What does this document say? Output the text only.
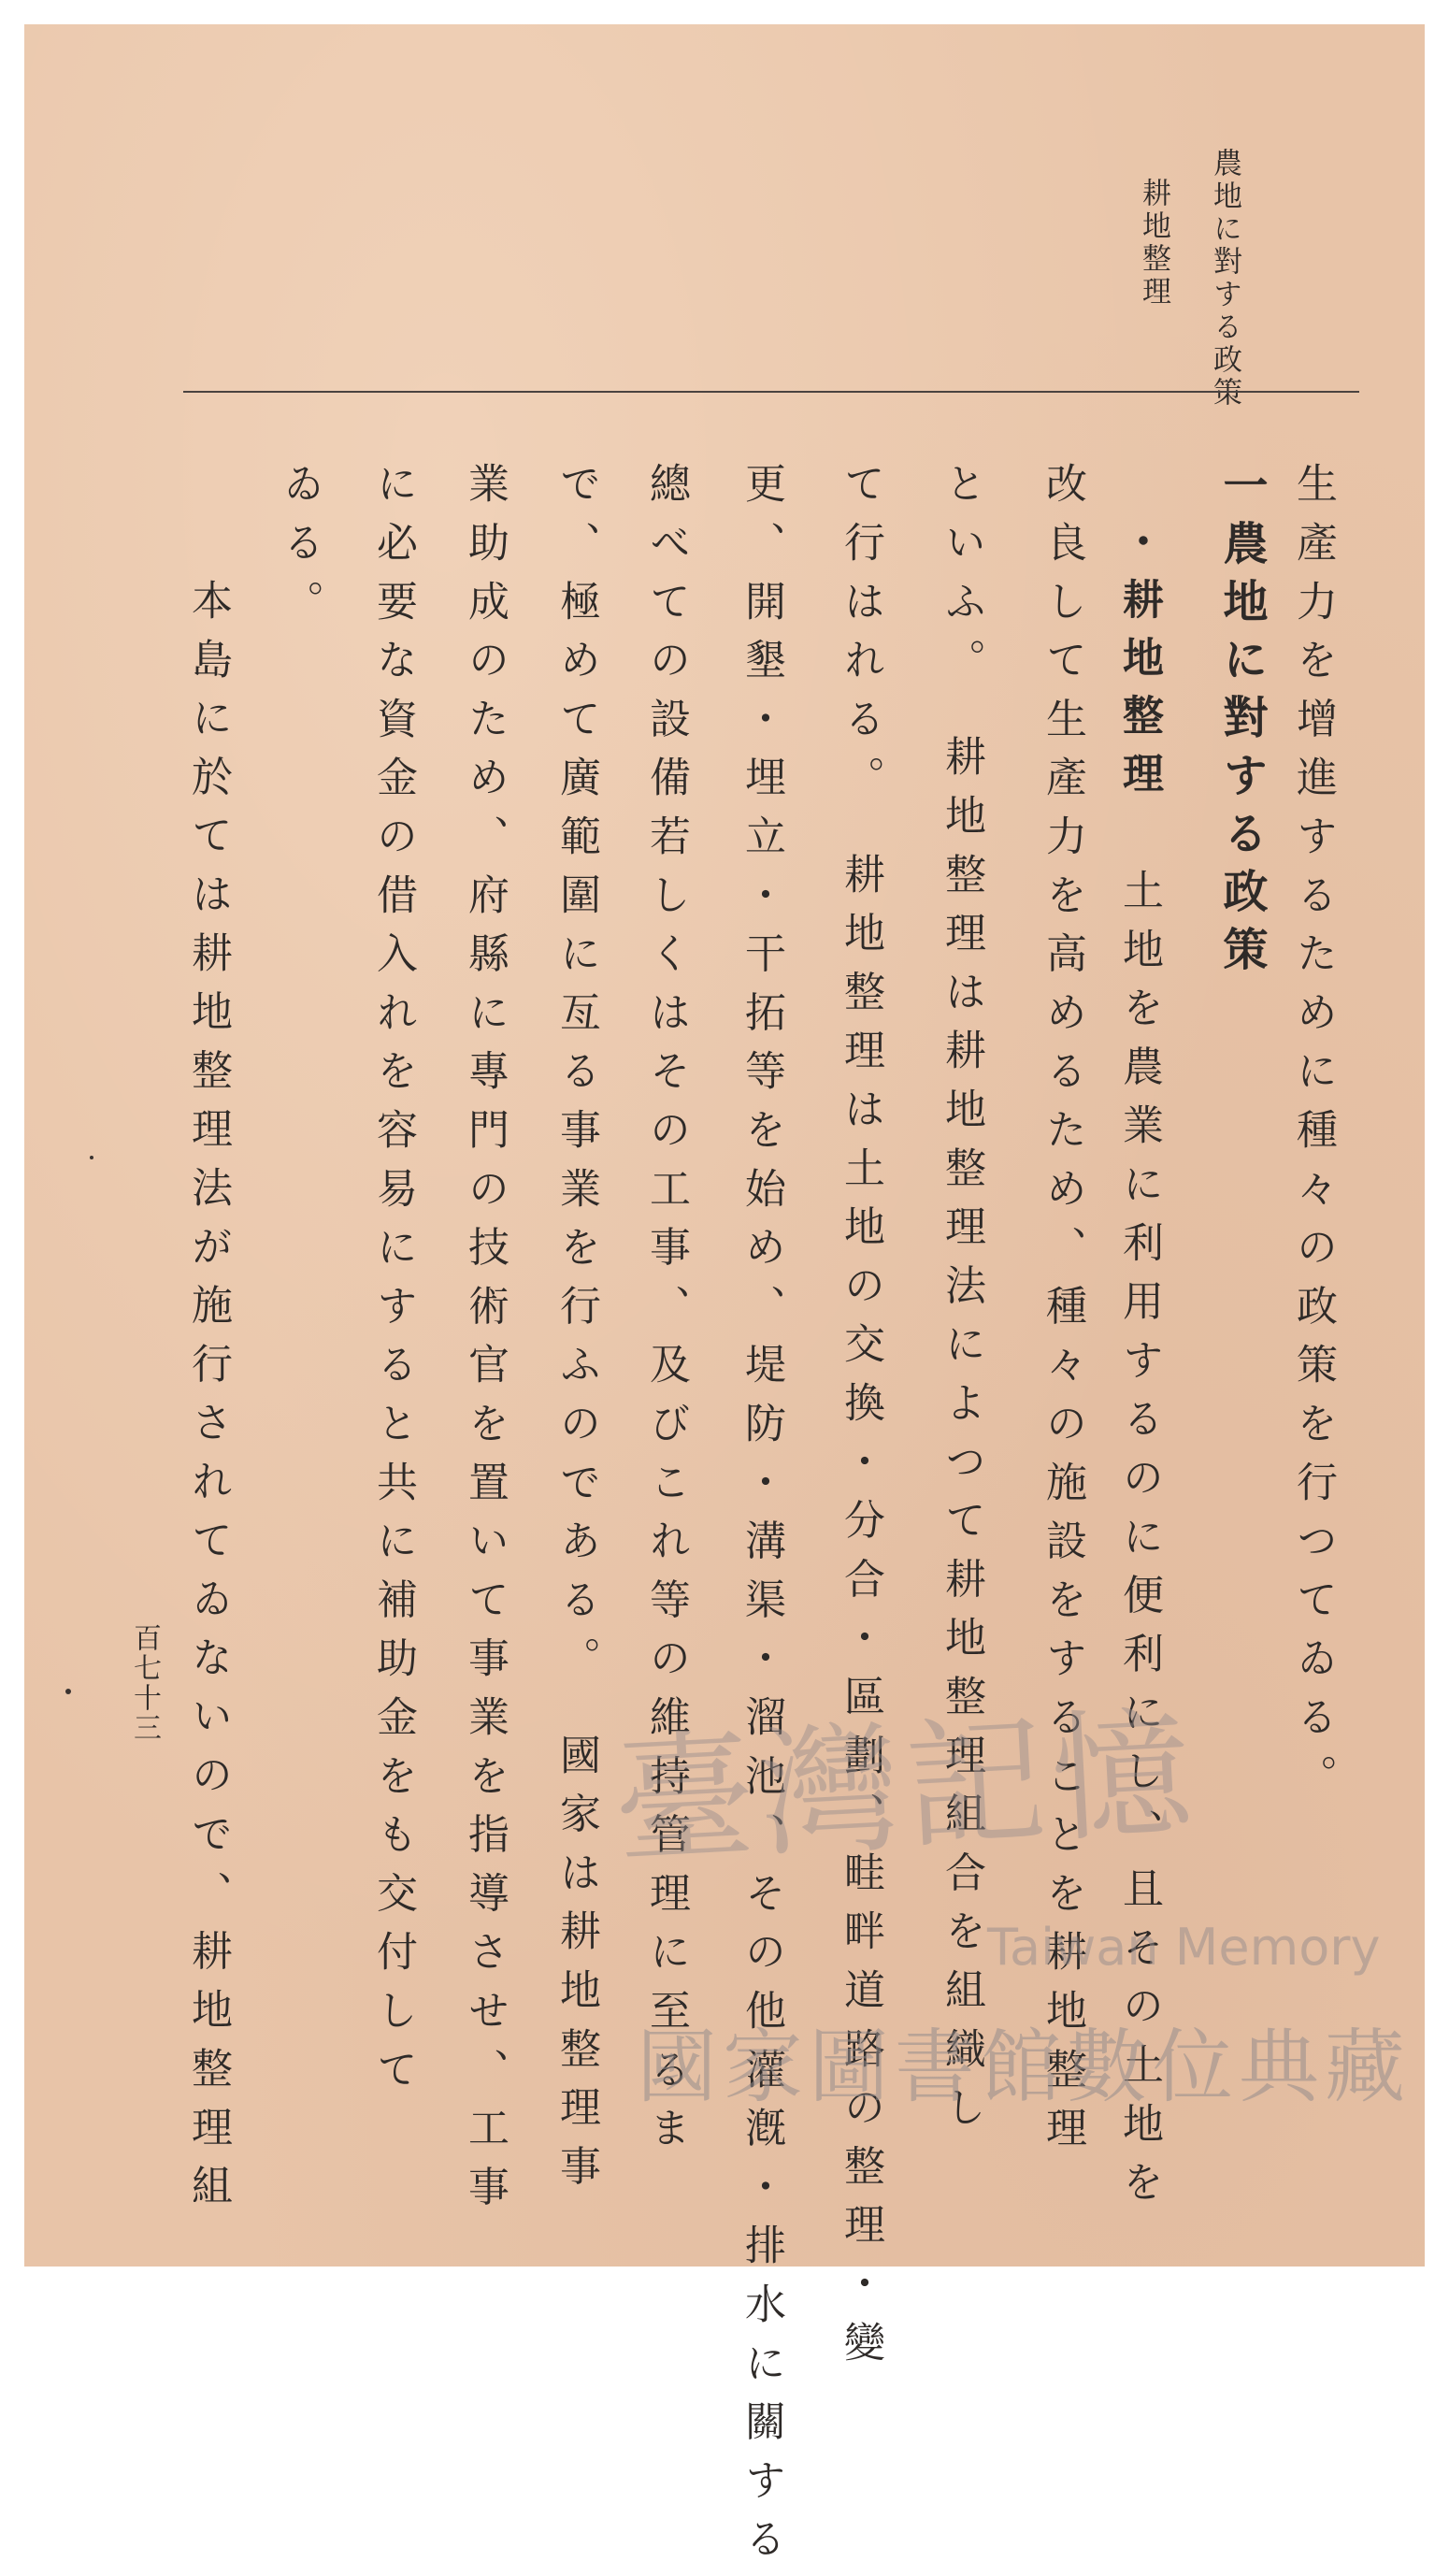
農地に對する政策
耕地整理
生產力を增進するために種々の政策を行つてゐる。
一農地に對する政策
・耕地整理　土地を農業に利用するのに便利にし、且その土地を
改良して生產力を高めるため、種々の施設をすることを耕地整理
といふ。　耕地整理は耕地整理法によつて耕地整理組合を組織し
て行はれる。　耕地整理は土地の交換・分合・區劃、畦畔道路の整理・變
更、開墾・埋立・干拓等を始め、堤防・溝渠・溜池、その他灌漑・排水に關する
總べての設備若しくはその工事、及びこれ等の維持管理に至るま
で、極めて廣範圍に亙る事業を行ふのである。　國家は耕地整理事
業助成のため、府縣に專門の技術官を置いて事業を指導させ、工事
に必要な資金の借入れを容易にすると共に補助金をも交付して
ゐる。
　本島に於ては耕地整理法が施行されてゐないので、耕地整理組
百七十三
臺灣記憶
Taiwan Memory
國家圖書館數位典藏
